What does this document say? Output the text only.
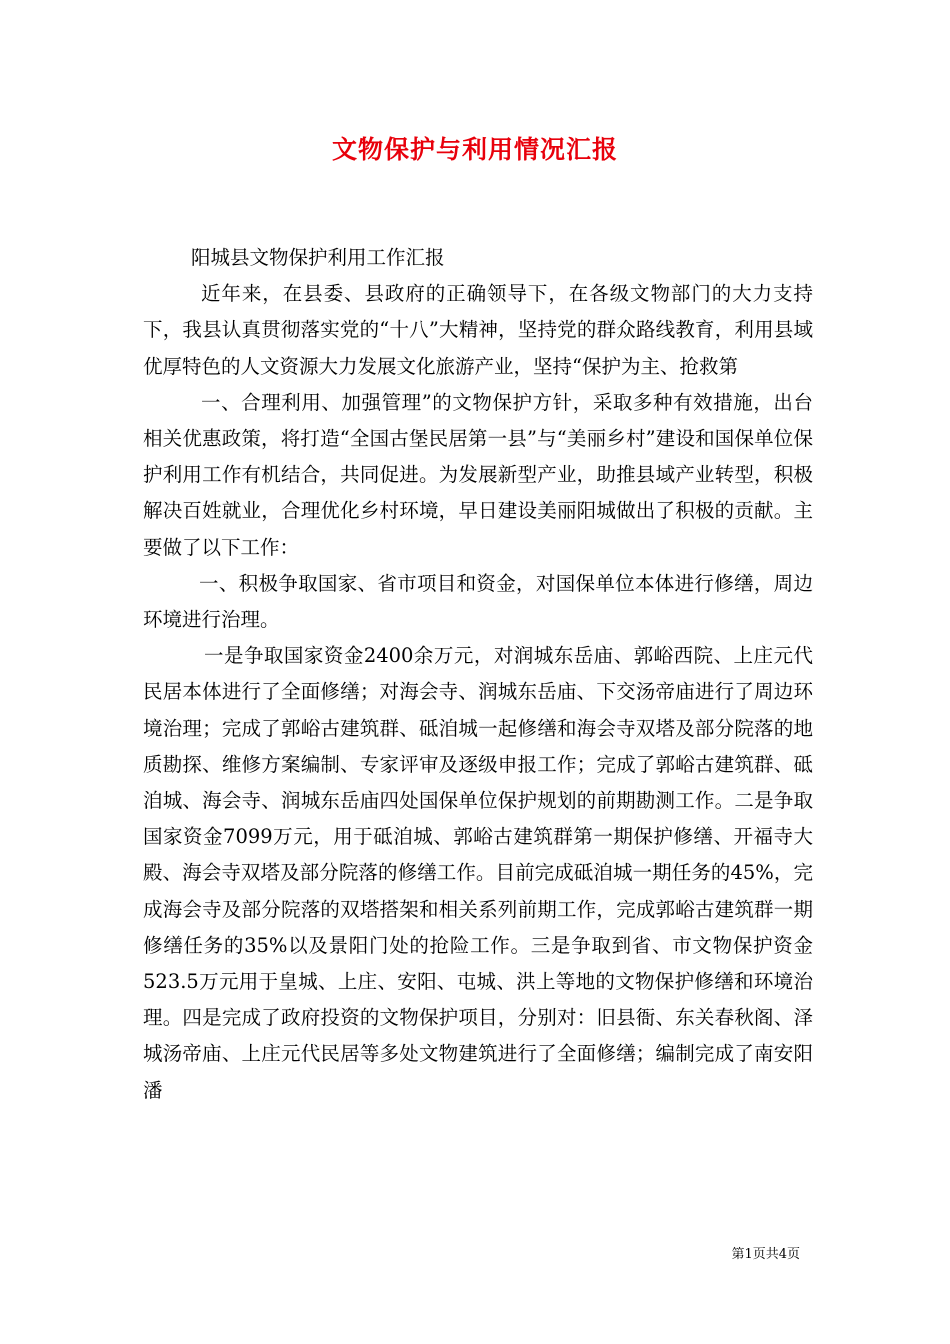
文物保护与利用情况汇报

阳城县文物保护利用工作汇报

近年来，在县委、县政府的正确领导下，在各级文物部门的大力支持下，我县认真贯彻落实党的“十八”大精神，坚持党的群众路线教育，利用县域优厚特色的人文资源大力发展文化旅游产业，坚持“保护为主、抢救第

一、合理利用、加强管理”的文物保护方针，采取多种有效措施，出台相关优惠政策，将打造“全国古堡民居第一县”与“美丽乡村”建设和国保单位保护利用工作有机结合，共同促进。为发展新型产业，助推县域产业转型，积极解决百姓就业，合理优化乡村环境，早日建设美丽阳城做出了积极的贡献。主要做了以下工作：

一、积极争取国家、省市项目和资金，对国保单位本体进行修缮，周边环境进行治理。

一是争取国家资金2400余万元，对润城东岳庙、郭峪西院、上庄元代民居本体进行了全面修缮；对海会寺、润城东岳庙、下交汤帝庙进行了周边环境治理；完成了郭峪古建筑群、砥洎城一起修缮和海会寺双塔及部分院落的地质勘探、维修方案编制、专家评审及逐级申报工作；完成了郭峪古建筑群、砥洎城、海会寺、润城东岳庙四处国保单位保护规划的前期勘测工作。二是争取国家资金7099万元，用于砥洎城、郭峪古建筑群第一期保护修缮、开福寺大殿、海会寺双塔及部分院落的修缮工作。目前完成砥洎城一期任务的45%，完成海会寺及部分院落的双塔搭架和相关系列前期工作，完成郭峪古建筑群一期修缮任务的35%以及景阳门处的抢险工作。三是争取到省、市文物保护资金523.5万元用于皇城、上庄、安阳、屯城、洪上等地的文物保护修缮和环境治理。四是完成了政府投资的文物保护项目，分别对：旧县衙、东关春秋阁、泽城汤帝庙、上庄元代民居等多处文物建筑进行了全面修缮；编制完成了南安阳潘

第1页共4页
